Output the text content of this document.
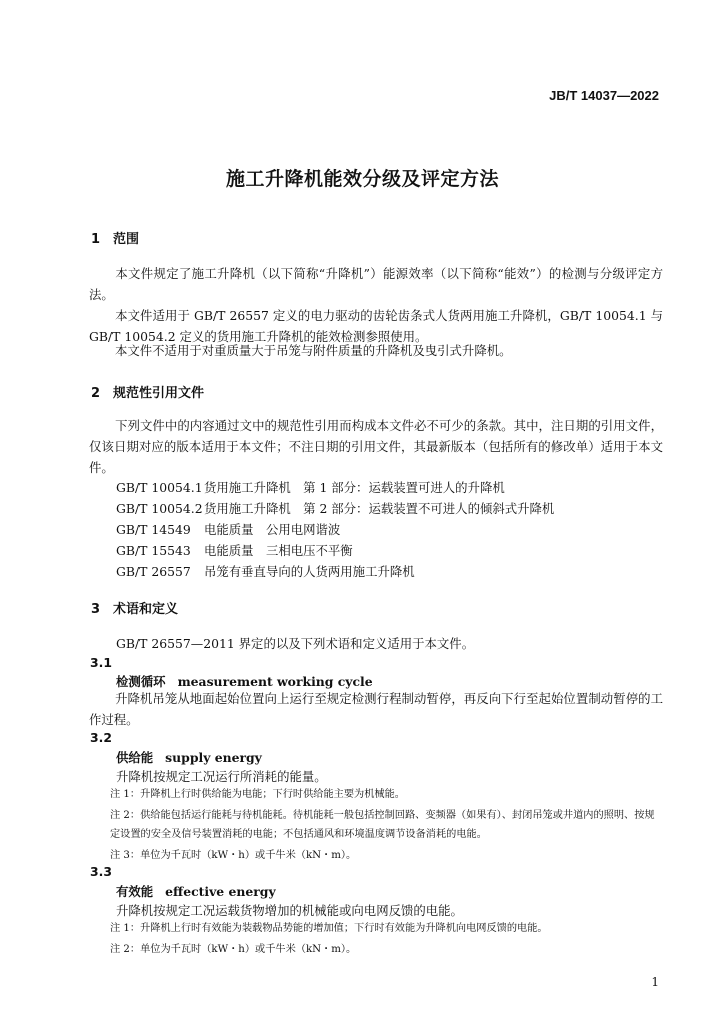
JB/T 14037—2022
施工升降机能效分级及评定方法
1 范围
本文件规定了施工升降机（以下简称“升降机”）能源效率（以下简称“能效”）的检测与分级评定方法。
本文件适用于 GB/T 26557 定义的电力驱动的齿轮齿条式人货两用施工升降机，GB/T 10054.1 与 GB/T 10054.2 定义的货用施工升降机的能效检测参照使用。
本文件不适用于对重质量大于吊笼与附件质量的升降机及曳引式升降机。
2 规范性引用文件
下列文件中的内容通过文中的规范性引用而构成本文件必不可少的条款。其中，注日期的引用文件，仅该日期对应的版本适用于本文件；不注日期的引用文件，其最新版本（包括所有的修改单）适用于本文件。
GB/T 10054.1货用施工升降机　第 1 部分：运载装置可进人的升降机
GB/T 10054.2货用施工升降机　第 2 部分：运载装置不可进人的倾斜式升降机
GB/T 14549 电能质量　公用电网谐波
GB/T 15543 电能质量　三相电压不平衡
GB/T 26557 吊笼有垂直导向的人货两用施工升降机
3 术语和定义
GB/T 26557—2011 界定的以及下列术语和定义适用于本文件。
3.1
检测循环 measurement working cycle
升降机吊笼从地面起始位置向上运行至规定检测行程制动暂停，再反向下行至起始位置制动暂停的工作过程。
3.2
供给能 supply energy
升降机按规定工况运行所消耗的能量。
注 1：升降机上行时供给能为电能；下行时供给能主要为机械能。
注 2：供给能包括运行能耗与待机能耗。待机能耗一般包括控制回路、变频器（如果有）、封闭吊笼或井道内的照明、按规定设置的安全及信号装置消耗的电能；不包括通风和环境温度调节设备消耗的电能。
注 3：单位为千瓦时（kW・h）或千牛米（kN・m）。
3.3
有效能 effective energy
升降机按规定工况运载货物增加的机械能或向电网反馈的电能。
注 1：升降机上行时有效能为装载物品势能的增加值；下行时有效能为升降机向电网反馈的电能。
注 2：单位为千瓦时（kW・h）或千牛米（kN・m）。
1
